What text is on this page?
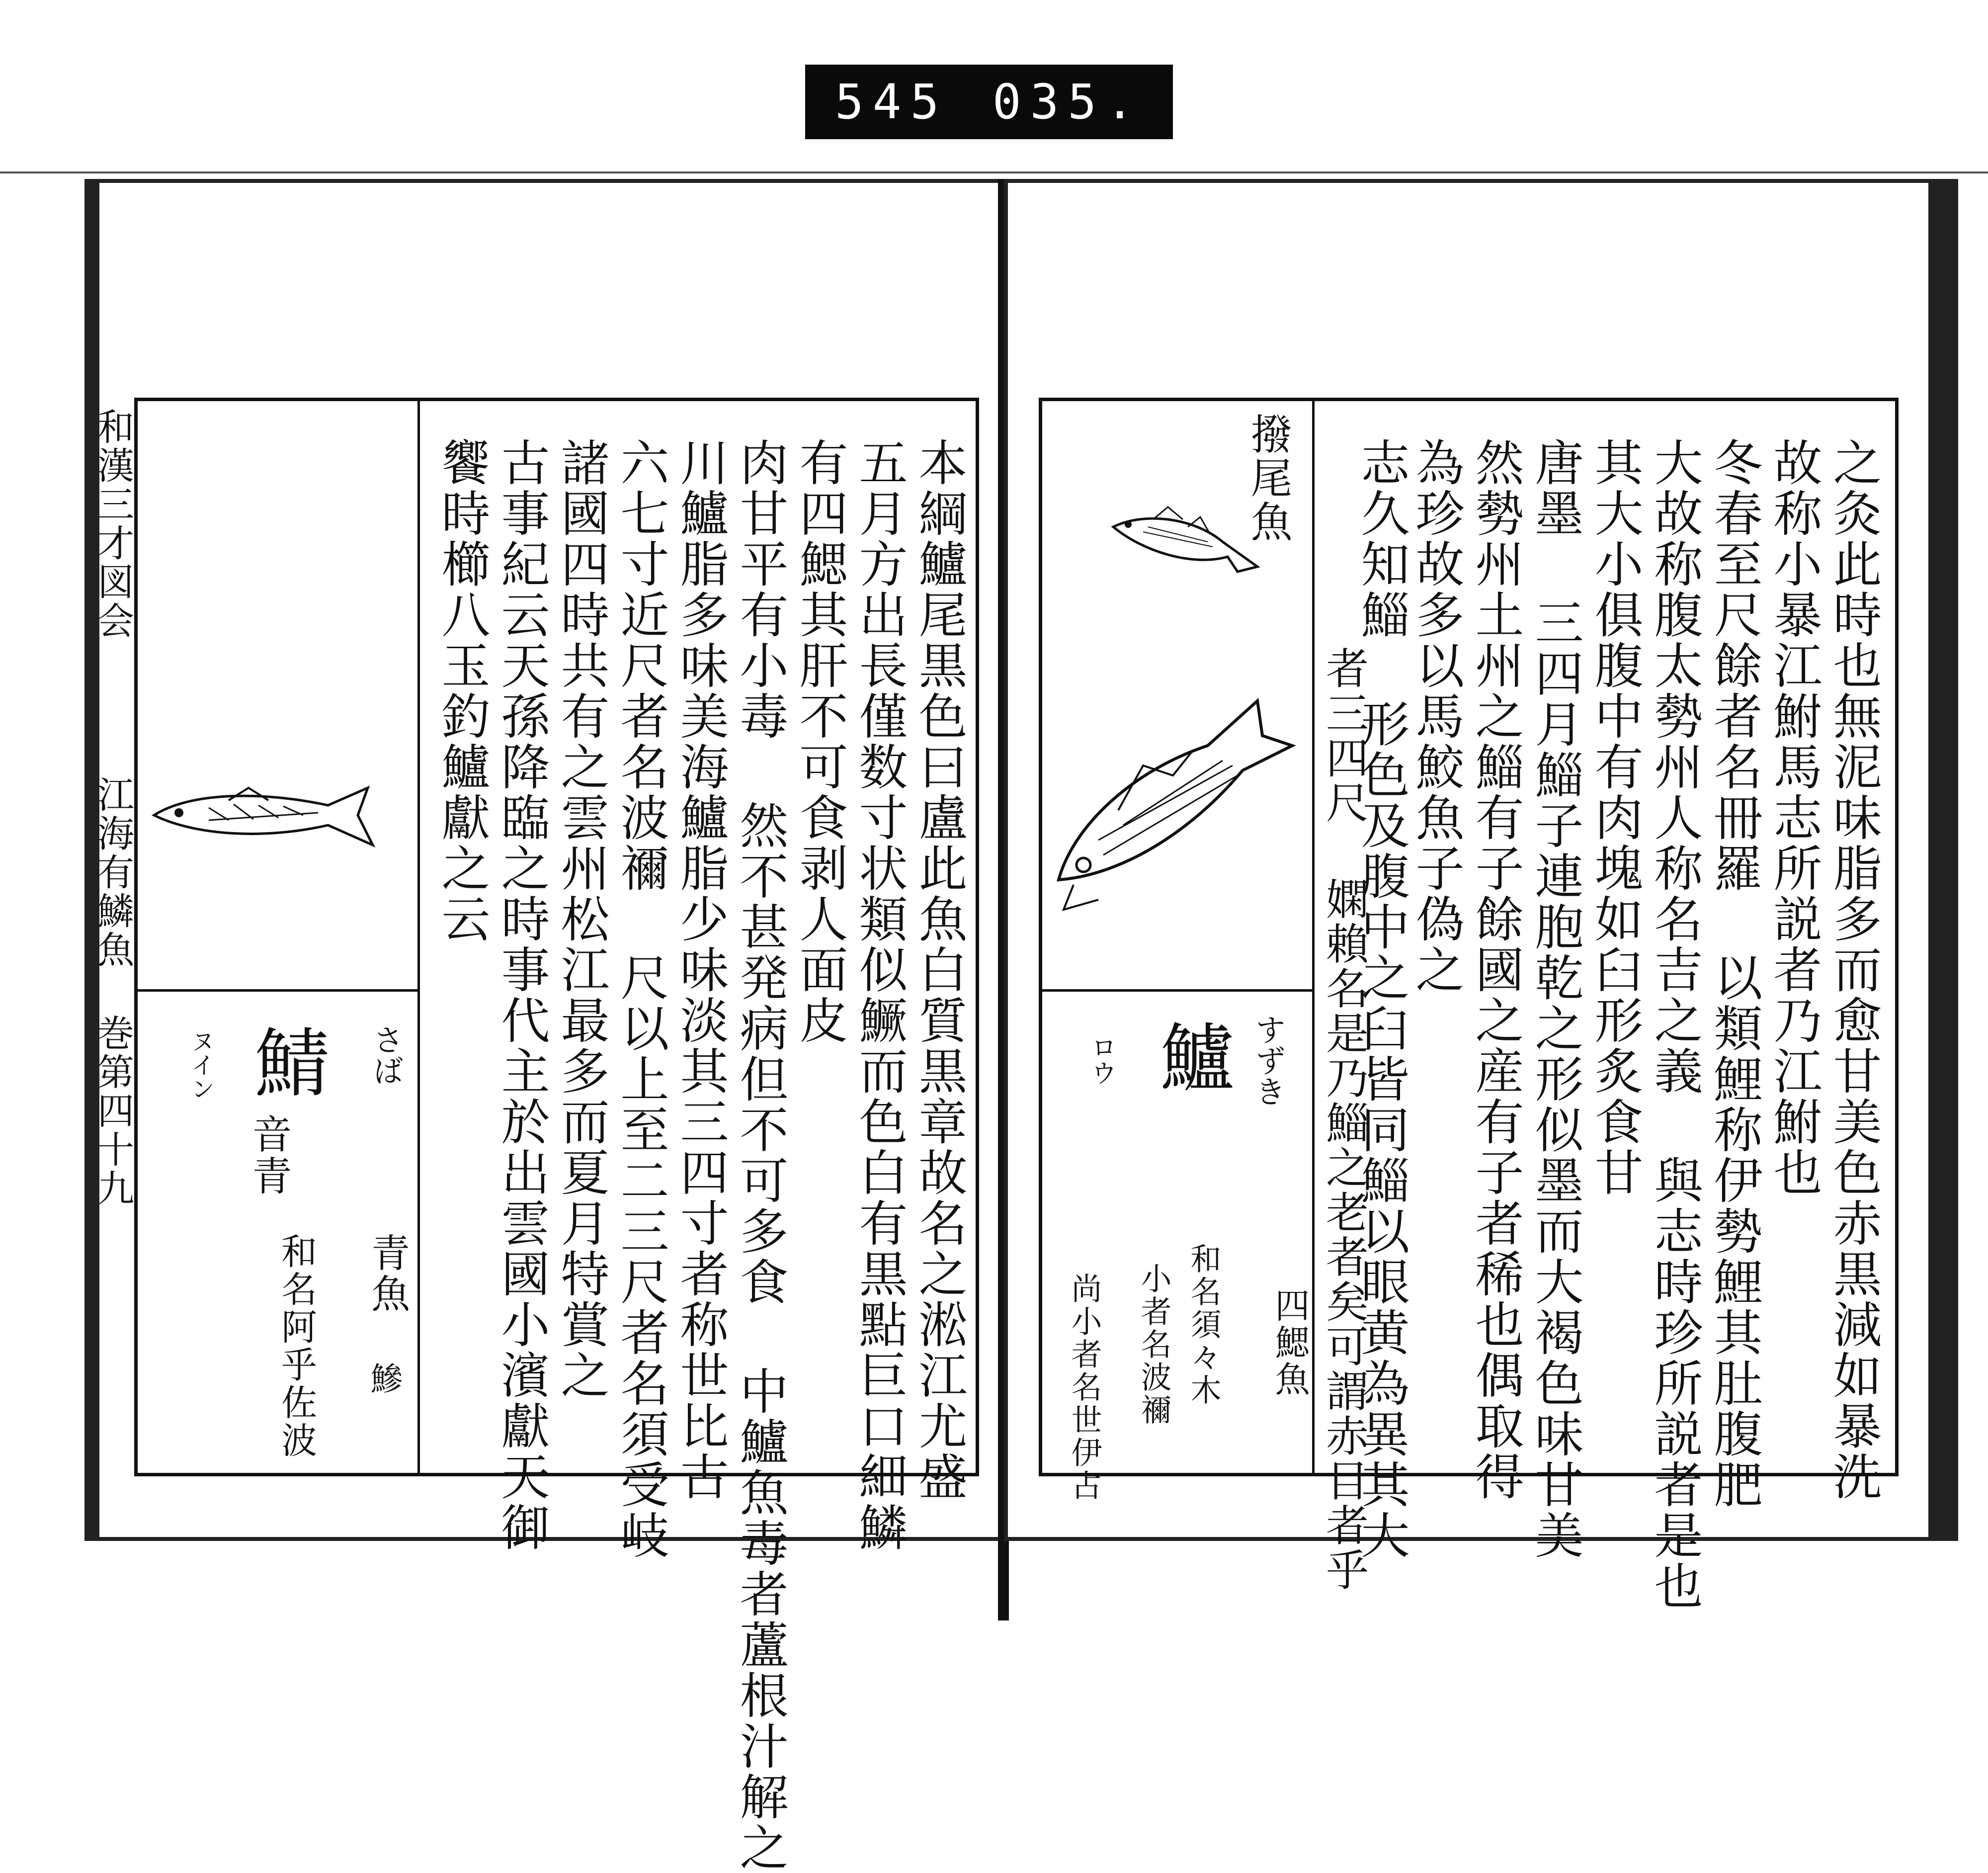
545 035.
和漢三才図会
江海有鱗魚 巻第四十九	さば
ヌイン 鯖
音青
青魚
鰺
和名阿乎佐波	本綱鱸尾黒色曰盧此魚白質黒章故名之淞江尤盛
五月方出長僅数寸状類似鱖而色白有黒點巨口細鱗
有四鰓其肝不可食剥人面皮
肉甘平有小毒 然不甚発病但不可多食 中鱸魚毒者蘆根汁解之
川鱸脂多味美海鱸脂少味淡其三四寸者称世比古
六七寸近尺者名波禰 尺以上至二三尺者名須受岐
諸國四時共有之雲州松江最多而夏月特賞之
古事紀云天孫降臨之時事代主於出雲國小濱獻天御
饗時櫛八玉釣鱸獻之云	撥尾魚
すずき
ロウ 鱸
四鰓魚
和名須々木
小者名波禰
尚小者名世伊占	之灸此時也無泥味脂多而愈甘美色赤黒減如暴洗
故称小暴江鮒馬志所説者乃江鮒也
冬春至尺餘者名冊羅 以類鯉称伊勢鯉其肚腹肥
大故称腹太勢州人称名吉之義 與志時珍所説者是也
其大小俱腹中有肉塊如臼形炙食甘
唐墨 三四月鯔子連胞乾之形似墨而大褐色味甘美
然勢州土州之鯔有子餘國之産有子者稀也偶取得
為珍故多以馬鮫魚子偽之
志久知鯔 形色及腹中之臼皆同鯔以眼黄為異其大
者三四尺 嫻賴名是乃鯔之老者矣可謂赤目者乎
